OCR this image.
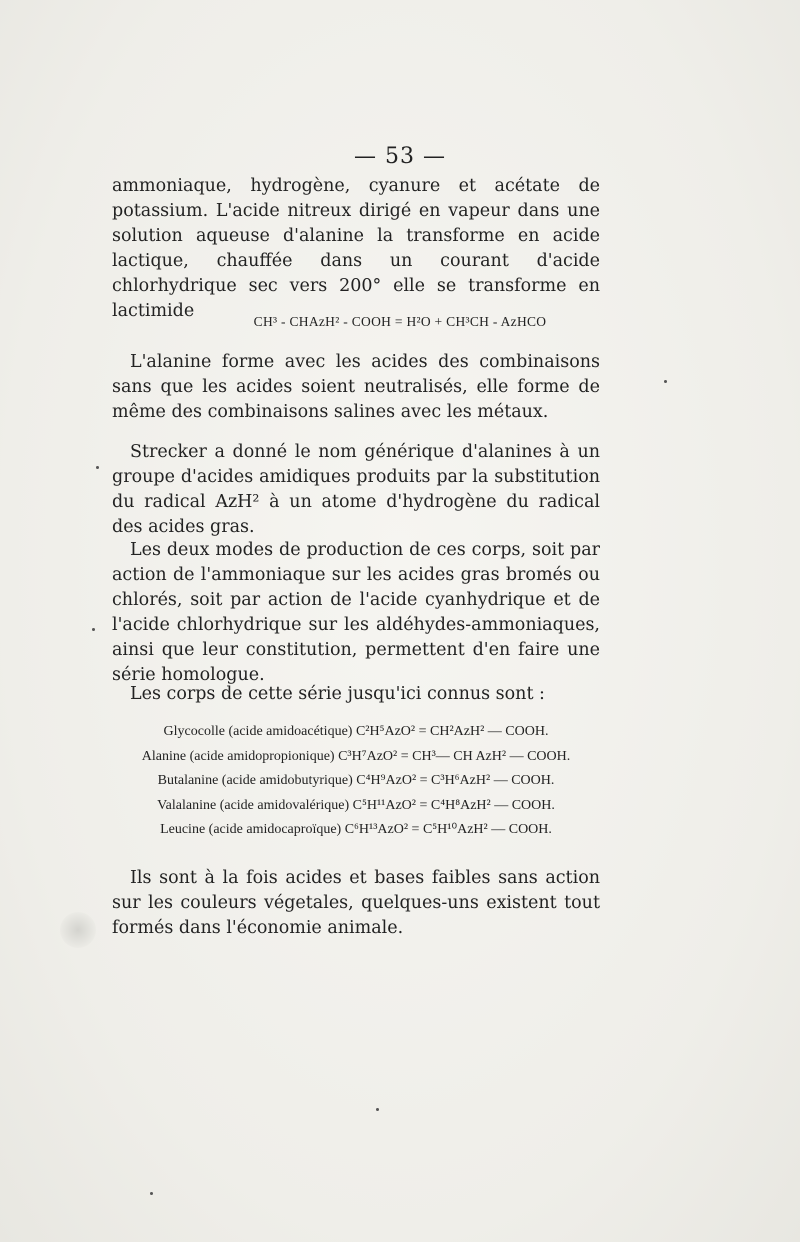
— 53 —

ammoniaque, hydrogène, cyanure et acétate de potassium. L'acide nitreux dirigé en vapeur dans une solution aqueuse d'alanine la transforme en acide lactique, chauffée dans un courant d'acide chlorhydrique sec vers 200° elle se transforme en lactimide

CH³ - CHAzH² - COOH = H²O + CH³CH - AzHCO

L'alanine forme avec les acides des combinaisons sans que les acides soient neutralisés, elle forme de même des combinaisons salines avec les métaux.

Strecker a donné le nom générique d'alanines à un groupe d'acides amidiques produits par la substitution du radical AzH² à un atome d'hydrogène du radical des acides gras.

Les deux modes de production de ces corps, soit par action de l'ammoniaque sur les acides gras bromés ou chlorés, soit par action de l'acide cyanhydrique et de l'acide chlorhydrique sur les aldéhydes-ammoniaques, ainsi que leur constitution, permettent d'en faire une série homologue.

Les corps de cette série jusqu'ici connus sont :

Glycocolle (acide amidoacétique) C²H⁵AzO² = CH²AzH² — COOH.
Alanine (acide amidopropionique) C³H⁷AzO² = CH³— CH AzH² — COOH.
Butalanine (acide amidobutyrique) C⁴H⁹AzO² = C³H⁶AzH² — COOH.
Valalanine (acide amidovalérique) C⁵H¹¹AzO² = C⁴H⁸AzH² — COOH.
Leucine (acide amidocaproïque) C⁶H¹³AzO² = C⁵H¹⁰AzH² — COOH.

Ils sont à la fois acides et bases faibles sans action sur les couleurs végetales, quelques-uns existent tout formés dans l'économie animale.
